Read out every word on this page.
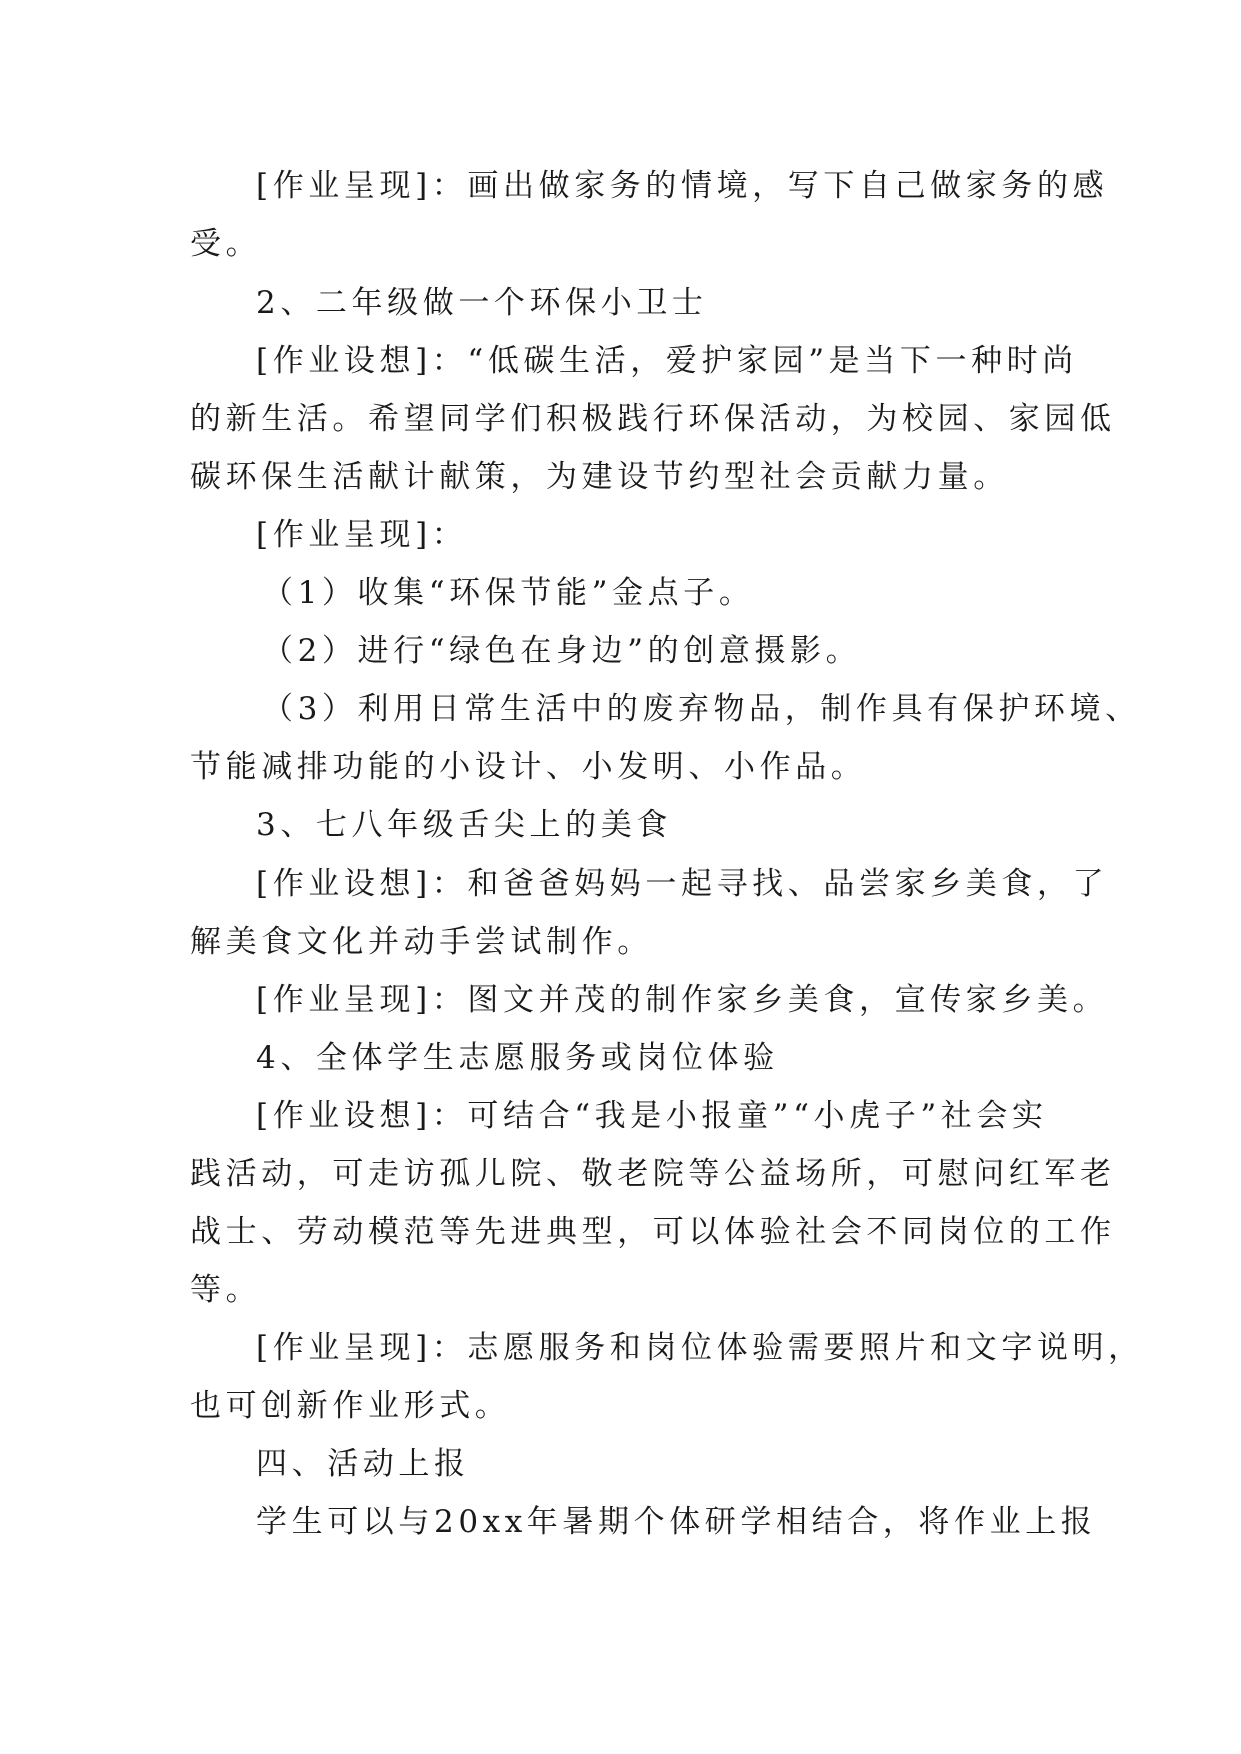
[作业呈现]：画出做家务的情境，写下自己做家务的感
受。
2、二年级做一个环保小卫士
[作业设想]：“低碳生活，爱护家园”是当下一种时尚
的新生活。希望同学们积极践行环保活动，为校园、家园低
碳环保生活献计献策，为建设节约型社会贡献力量。
[作业呈现]：
（1）收集“环保节能”金点子。
（2）进行“绿色在身边”的创意摄影。
（3）利用日常生活中的废弃物品，制作具有保护环境、
节能减排功能的小设计、小发明、小作品。
3、七八年级舌尖上的美食
[作业设想]：和爸爸妈妈一起寻找、品尝家乡美食，了
解美食文化并动手尝试制作。
[作业呈现]：图文并茂的制作家乡美食，宣传家乡美。
4、全体学生志愿服务或岗位体验
[作业设想]：可结合“我是小报童”“小虎子”社会实
践活动，可走访孤儿院、敬老院等公益场所，可慰问红军老
战士、劳动模范等先进典型，可以体验社会不同岗位的工作
等。
[作业呈现]：志愿服务和岗位体验需要照片和文字说明，
也可创新作业形式。
四、活动上报
学生可以与20xx年暑期个体研学相结合，将作业上报
